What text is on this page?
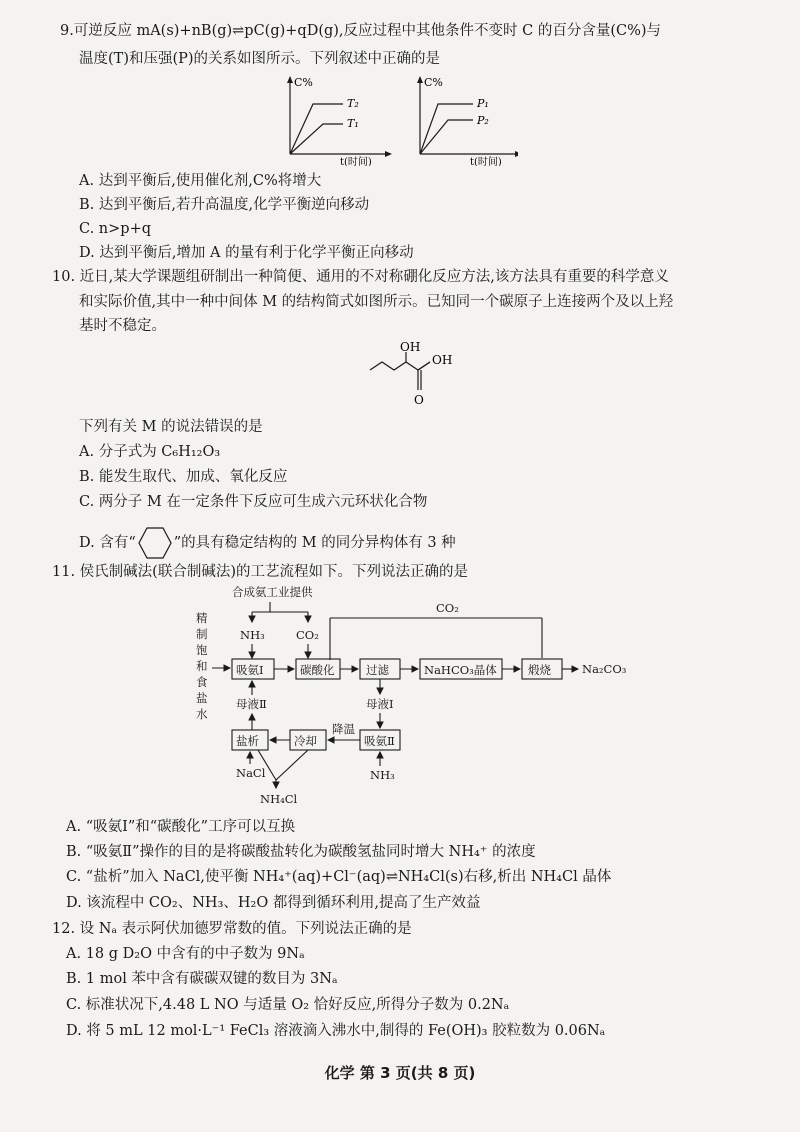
9.可逆反应 mA(s)+nB(g)⇌pC(g)+qD(g),反应过程中其他条件不变时 C 的百分含量(C%)与
温度(T)和压强(P)的关系如图所示。下列叙述中正确的是
C%
T₂
T₁
t(时间)
C%
P₁
P₂
t(时间)
A. 达到平衡后,使用催化剂,C%将增大
B. 达到平衡后,若升高温度,化学平衡逆向移动
C. n>p+q
D. 达到平衡后,增加 A 的量有利于化学平衡正向移动
10. 近日,某大学课题组研制出一种简便、通用的不对称硼化反应方法,该方法具有重要的科学意义
和实际价值,其中一种中间体 M 的结构简式如图所示。已知同一个碳原子上连接两个及以上羟
基时不稳定。
OH
OH
O
下列有关 M 的说法错误的是
A. 分子式为 C₆H₁₂O₃
B. 能发生取代、加成、氧化反应
C. 两分子 M 在一定条件下反应可生成六元环状化合物
D. 含有“	”的具有稳定结构的 M 的同分异构体有 3 种
11. 侯氏制碱法(联合制碱法)的工艺流程如下。下列说法正确的是
合成氨工业提供
NH₃	CO₂
精
制
饱
和
食
盐
水
CO₂
吸氨Ⅰ	碳酸化	过滤	NaHCO₃晶体	煅烧	Na₂CO₃
母液Ⅱ	母液Ⅰ
盐析	冷却	吸氨Ⅱ
降温
NH₃
NaCl
NH₄Cl
A. “吸氨Ⅰ”和“碳酸化”工序可以互换
B. “吸氨Ⅱ”操作的目的是将碳酸盐转化为碳酸氢盐同时增大 NH₄⁺ 的浓度
C. “盐析”加入 NaCl,使平衡 NH₄⁺(aq)+Cl⁻(aq)⇌NH₄Cl(s)右移,析出 NH₄Cl 晶体
D. 该流程中 CO₂、NH₃、H₂O 都得到循环利用,提高了生产效益
12. 设 Nₐ 表示阿伏加德罗常数的值。下列说法正确的是
A. 18 g D₂O 中含有的中子数为 9Nₐ
B. 1 mol 苯中含有碳碳双键的数目为 3Nₐ
C. 标准状况下,4.48 L NO 与适量 O₂ 恰好反应,所得分子数为 0.2Nₐ
D. 将 5 mL 12 mol·L⁻¹ FeCl₃ 溶液滴入沸水中,制得的 Fe(OH)₃ 胶粒数为 0.06Nₐ
化学 第 3 页(共 8 页)
